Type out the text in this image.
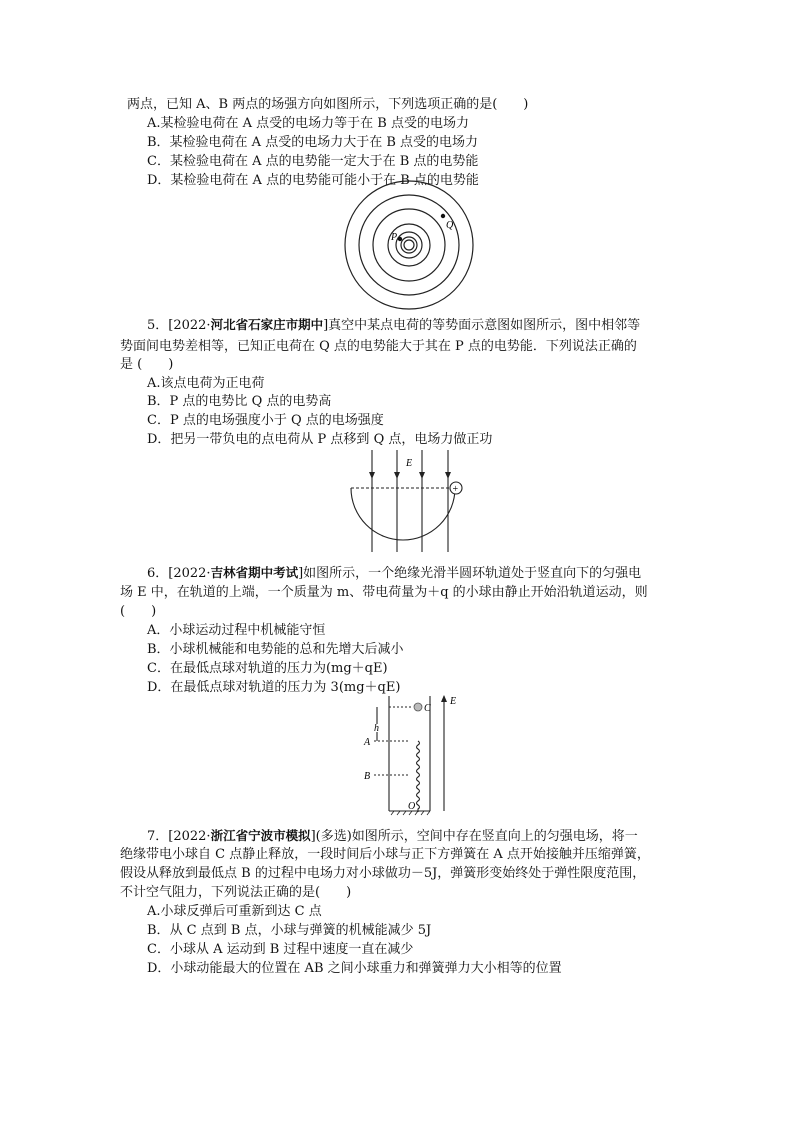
两点，已知 A、B 两点的场强方向如图所示，下列选项正确的是(　　)
A.某检验电荷在 A 点受的电场力等于在 B 点受的电场力
B．某检验电荷在 A 点受的电场力大于在 B 点受的电场力
C．某检验电荷在 A 点的电势能一定大于在 B 点的电势能
D．某检验电荷在 A 点的电势能可能小于在 B 点的电势能
P
Q
5．[2022·河北省石家庄市期中]真空中某点电荷的等势面示意图如图所示，图中相邻等
势面间电势差相等，已知正电荷在 Q 点的电势能大于其在 P 点的电势能．下列说法正确的
是 (　　)
A.该点电荷为正电荷
B．P 点的电势比 Q 点的电势高
C．P 点的电场强度小于 Q 点的电场强度
D．把另一带负电的点电荷从 P 点移到 Q 点，电场力做正功
E
+
6．[2022·吉林省期中考试]如图所示，一个绝缘光滑半圆环轨道处于竖直向下的匀强电
场 E 中，在轨道的上端，一个质量为 m、带电荷量为＋q 的小球由静止开始沿轨道运动，则
(　　)
A．小球运动过程中机械能守恒
B．小球机械能和电势能的总和先增大后减小
C．在最低点球对轨道的压力为(mg＋qE)
D．在最低点球对轨道的压力为 3(mg＋qE)
C
h
A
B
O
E
7．[2022·浙江省宁波市模拟](多选)如图所示，空间中存在竖直向上的匀强电场，将一
绝缘带电小球自 C 点静止释放，一段时间后小球与正下方弹簧在 A 点开始接触并压缩弹簧，
假设从释放到最低点 B 的过程中电场力对小球做功－5J，弹簧形变始终处于弹性限度范围，
不计空气阻力，下列说法正确的是(　　)
A.小球反弹后可重新到达 C 点
B．从 C 点到 B 点，小球与弹簧的机械能减少 5J
C．小球从 A 运动到 B 过程中速度一直在减少
D．小球动能最大的位置在 AB 之间小球重力和弹簧弹力大小相等的位置
